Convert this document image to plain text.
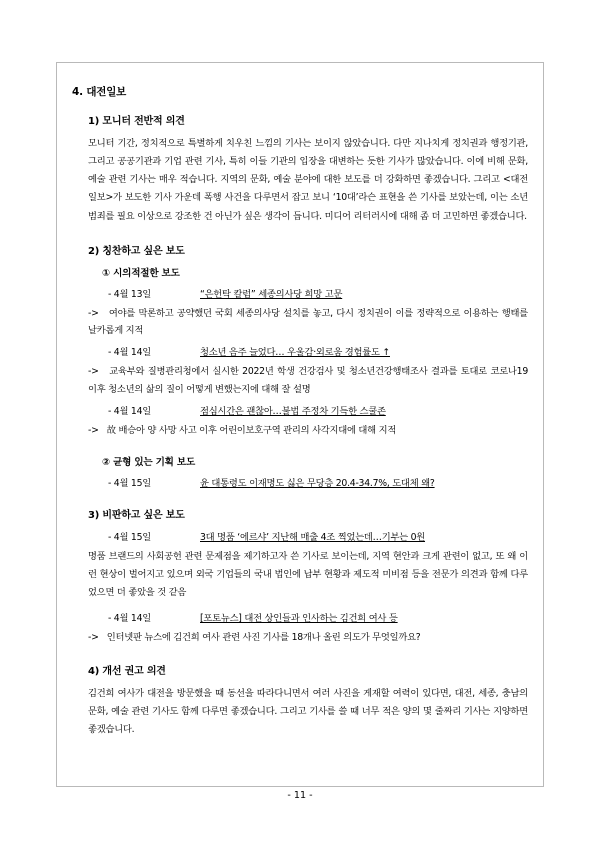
4. 대전일보
1) 모니터 전반적 의견
모니터 기간, 정치적으로 특별하게 치우친 느낌의 기사는 보이지 않았습니다. 다만 지나치게 정치권과 행정기관, 그리고 공공기관과 기업 관련 기사, 특히 이들 기관의 입장을 대변하는 듯한 기사가 많았습니다. 이에 비해 문화, 예술 관련 기사는 매우 적습니다. 지역의 문화, 예술 분야에 대한 보도를 더 강화하면 좋겠습니다. 그리고 <대전일보>가 보도한 기사 가운데 폭행 사건을 다루면서 잡고 보니 ‘10대’라슨 표현을 쓴 기사를 보았는데, 이는 소년범죄를 필요 이상으로 강조한 건 아닌가 싶은 생각이 듭니다. 미디어 리터러시에 대해 좀 더 고민하면 좋겠습니다.
2) 칭찬하고 싶은 보도
① 시의적절한 보도
- 4월 13일	“은헌탁 칼럼” 세종의사당 희망 고문
->   여야를 막론하고 공약했던 국회 세종의사당 설치를 놓고, 다시 정치권이 이를 정략적으로 이용하는 행태를 날카롭게 지적
- 4월 14일	청소년 음주 늘었다… 우울감·외로움 경험률도 ↑
->   교육부와 질병관리청에서 실시한 2022년 학생 건강검사 및 청소년건강행태조사 결과를 토대로 코로나19 이후 청소년의 삶의 질이 어떻게 변했는지에 대해 잘 설명
- 4월 14일	점심시간은 괜찮아…불법 주정차 기득한 스쿨존
->   故 배승아 양 사망 사고 이후 어린이보호구역 관리의 사각지대에 대해 지적
② 균형 있는 기획 보도
- 4월 15일	윤 대통령도 이재명도 싫은 무당층 20.4-34.7%, 도대체 왜?
3) 비판하고 싶은 보도
- 4월 15일	3대 명품 ‘에르샤’ 지난해 매출 4조 찍었는데…기부는 0원
명품 브랜드의 사회공헌 관련 문제점을 제기하고자 쓴 기사로 보이는데, 지역 현안과 크게 관련이 없고, 또 왜 이런 현상이 벌어지고 있으며 외국 기업들의 국내 법인에 납부 현황과 제도적 미비점 등을 전문가 의견과 함께 다루었으면 더 좋았을 것 같음
- 4월 14일	[포토뉴스] 대전 상인들과 인사하는 김건희 여사 등
->   인터넷판 뉴스에 김건희 여사 관련 사진 기사를 18개나 올린 의도가 무엇일까요?
4) 개선 권고 의견
김건희 여사가 대전을 방문했을 때 동선을 따라다니면서 여러 사진을 게재할 여력이 있다면, 대전, 세종, 충남의 문화, 예술 관련 기사도 함께 다루면 좋겠습니다. 그리고 기사를 쓸 때 너무 적은 양의 몇 줄짜리 기사는 지양하면 좋겠습니다.
- 11 -
